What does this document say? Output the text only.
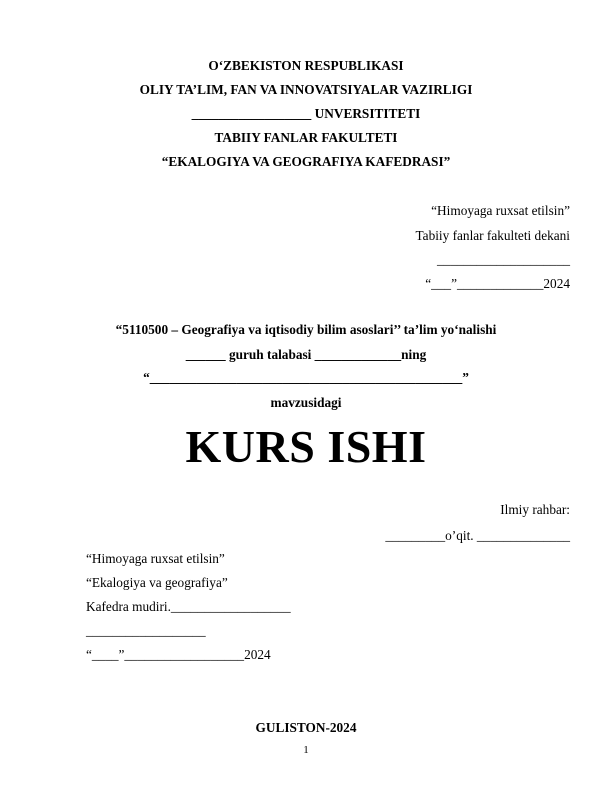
O‘ZBEKISTON RESPUBLIKASI
OLIY TA’LIM, FAN VA INNOVATSIYALAR VAZIRLIGI
__________________ UNVERSITITETI
TABIIY FANLAR FAKULTETI
“EKALOGIYA VA GEOGRAFIYA KAFEDRASI”
“Himoyaga ruxsat etilsin”
Tabiiy fanlar fakulteti dekani
____________________
“___”_____________2024
“5110500 – Geografiya va iqtisodiy bilim asoslari’’ ta’lim yo‘nalishi
______ guruh talabasi _____________ning
“_______________________________________________”
mavzusidagi
KURS ISHI
Ilmiy rahbar:
_________o’qit. ______________
“Himoyaga ruxsat etilsin”
“Ekalogiya va geografiya”
Kafedra mudiri.__________________
__________________
“____”__________________2024
GULISTON-2024
1
